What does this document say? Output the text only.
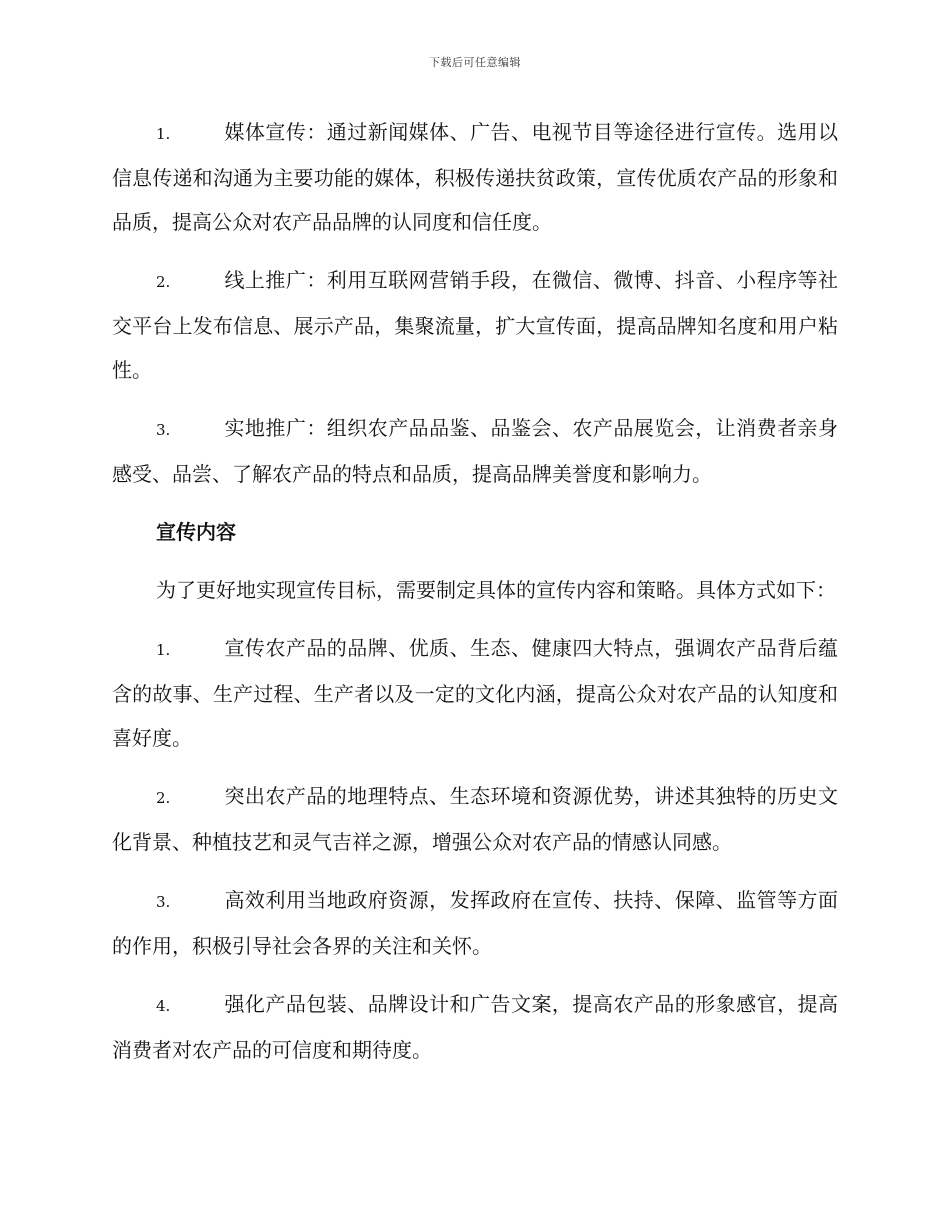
下载后可任意编辑

1.	媒体宣传：通过新闻媒体、广告、电视节目等途径进行宣传。选用以信息传递和沟通为主要功能的媒体，积极传递扶贫政策，宣传优质农产品的形象和品质，提高公众对农产品品牌的认同度和信任度。

2.	线上推广：利用互联网营销手段，在微信、微博、抖音、小程序等社交平台上发布信息、展示产品，集聚流量，扩大宣传面，提高品牌知名度和用户粘性。

3.	实地推广：组织农产品品鉴、品鉴会、农产品展览会，让消费者亲身感受、品尝、了解农产品的特点和品质，提高品牌美誉度和影响力。

宣传内容

为了更好地实现宣传目标，需要制定具体的宣传内容和策略。具体方式如下：

1.	宣传农产品的品牌、优质、生态、健康四大特点，强调农产品背后蕴含的故事、生产过程、生产者以及一定的文化内涵，提高公众对农产品的认知度和喜好度。

2.	突出农产品的地理特点、生态环境和资源优势，讲述其独特的历史文化背景、种植技艺和灵气吉祥之源，增强公众对农产品的情感认同感。

3.	高效利用当地政府资源，发挥政府在宣传、扶持、保障、监管等方面的作用，积极引导社会各界的关注和关怀。

4.	强化产品包装、品牌设计和广告文案，提高农产品的形象感官，提高消费者对农产品的可信度和期待度。
